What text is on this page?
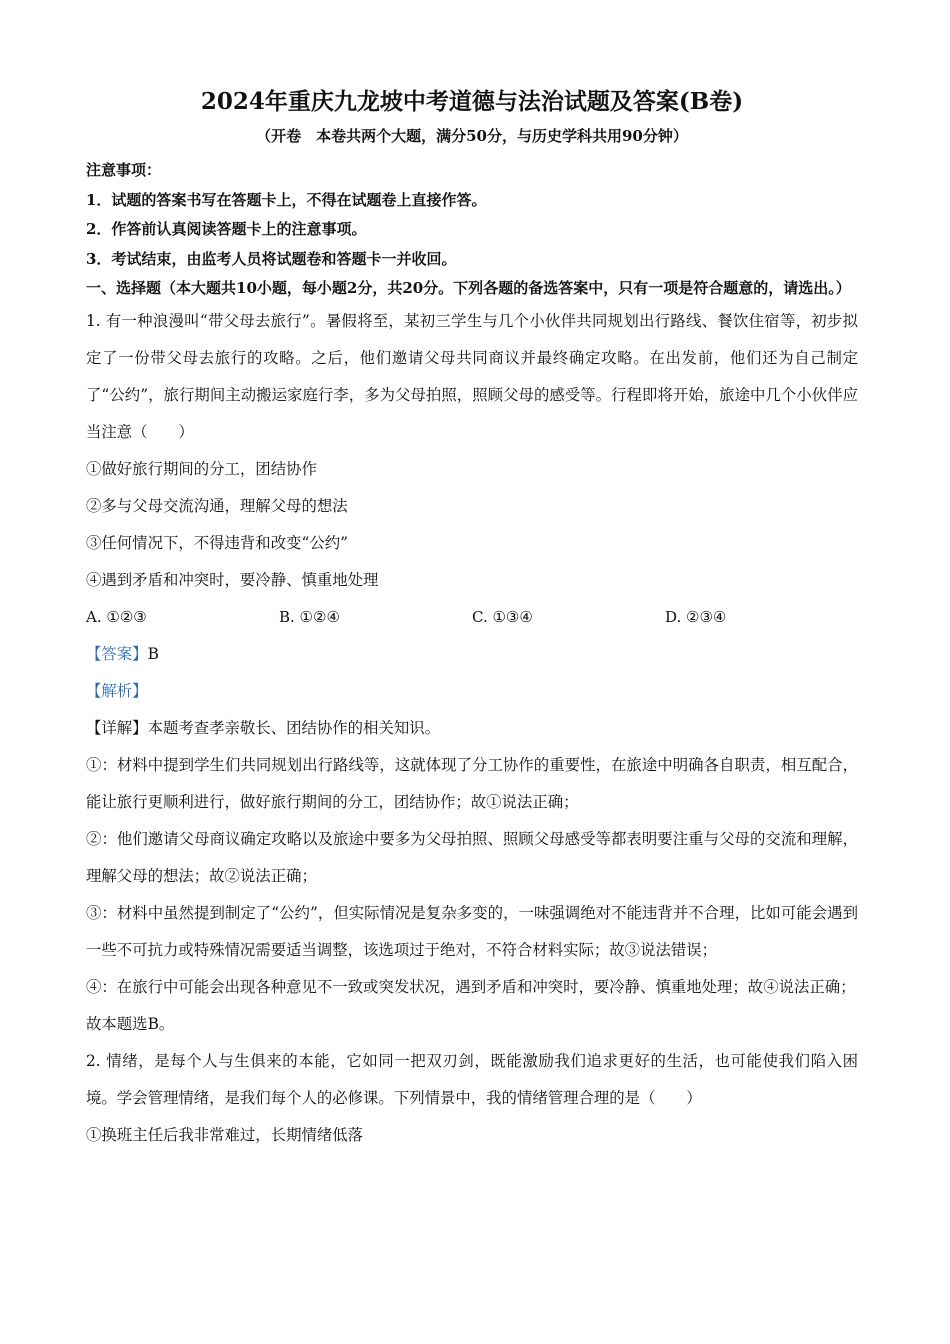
2024年重庆九龙坡中考道德与法治试题及答案(B卷)

（开卷　本卷共两个大题，满分50分，与历史学科共用90分钟）

注意事项：

1．试题的答案书写在答题卡上，不得在试题卷上直接作答。

2．作答前认真阅读答题卡上的注意事项。

3．考试结束，由监考人员将试题卷和答题卡一并收回。

一、选择题（本大题共10小题，每小题2分，共20分。下列各题的备选答案中，只有一项是符合题意的，请选出。）

1. 有一种浪漫叫“带父母去旅行”。暑假将至，某初三学生与几个小伙伴共同规划出行路线、餐饮住宿等，初步拟定了一份带父母去旅行的攻略。之后，他们邀请父母共同商议并最终确定攻略。在出发前，他们还为自己制定了“公约”，旅行期间主动搬运家庭行李，多为父母拍照，照顾父母的感受等。行程即将开始，旅途中几个小伙伴应当注意（　　）

①做好旅行期间的分工，团结协作

②多与父母交流沟通，理解父母的想法

③任何情况下，不得违背和改变“公约”

④遇到矛盾和冲突时，要冷静、慎重地处理

A. ①②③	B. ①②④	C. ①③④	D. ②③④

【答案】B

【解析】

【详解】本题考查孝亲敬长、团结协作的相关知识。

①：材料中提到学生们共同规划出行路线等，这就体现了分工协作的重要性，在旅途中明确各自职责，相互配合，能让旅行更顺利进行，做好旅行期间的分工，团结协作；故①说法正确；

②：他们邀请父母商议确定攻略以及旅途中要多为父母拍照、照顾父母感受等都表明要注重与父母的交流和理解，理解父母的想法；故②说法正确；

③：材料中虽然提到制定了“公约”，但实际情况是复杂多变的，一味强调绝对不能违背并不合理，比如可能会遇到一些不可抗力或特殊情况需要适当调整，该选项过于绝对，不符合材料实际；故③说法错误；

④：在旅行中可能会出现各种意见不一致或突发状况，遇到矛盾和冲突时，要冷静、慎重地处理；故④说法正确；

故本题选B。

2. 情绪，是每个人与生俱来的本能，它如同一把双刃剑，既能激励我们追求更好的生活，也可能使我们陷入困境。学会管理情绪，是我们每个人的必修课。下列情景中，我的情绪管理合理的是（　　）

①换班主任后我非常难过，长期情绪低落
